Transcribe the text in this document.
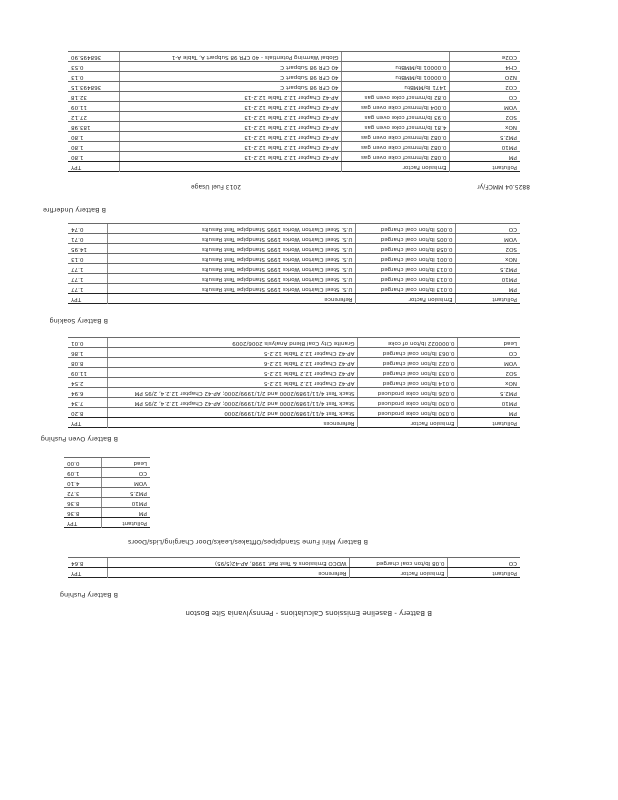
B Battery - Baseline Emissions Calculations - Pennsylvania Site Boston
B Battery Pushing
Pollutant	Emission Factor	Reference	TPY
CO	0.08 lb/ton coal charged	WDCO Emissions & Test Ref. 1998, AP-42(5/95)	8.64
B Battery Mini Fume Standpipes/Offtakes/Leaks/Door Charging/Lids/Doors
Pollutant	TPY
PM	8.36
PM10	8.36
PM2.5	3.72
VOM	4.10
CO	1.09
Lead	0.00
B Battery Oven Pushing
Pollutant	Emission Factor	References	TPY
PM	0.030 lb/ton coke produced	Stack Test 4/11/1989/2000 and 2/1/1999/2000	8.20
PM10	0.030 lb/ton coke produced	Stack Test 4/11/1989/2000 and 2/1/1999/2000; AP-42 Chapter 12.2.4, 2/95 PM	7.34
PM2.5	0.026 lb/ton coke produced	Stack Test 4/11/1989/2000 and 2/1/1999/2000; AP-42 Chapter 12.2.4, 2/95 PM	6.94
NOx	0.014 lb/ton coal charged	AP-42 Chapter 12.2 Table 12.2-5	2.54
SO2	0.033 lb/ton coal charged	AP-42 Chapter 12.2 Table 12.2-5	11.09
VOM	0.022 lb/ton coal charged	AP-42 Chapter 12.2 Table 12.2-6	8.08
CO	0.063 lb/ton coal charged	AP-42 Chapter 12.2 Table 12.2-5	1.86
Lead	0.000022 lb/ton of coke	Granite City Coal Blend Analysis 2006/2009	0.01
B Battery Soaking
Pollutant	Emission Factor	Reference	TPY
PM	0.013 lb/ton coal charged	U.S. Steel Clairton Works 1995 Standpipe Test Results	1.77
PM10	0.013 lb/ton coal charged	U.S. Steel Clairton Works 1995 Standpipe Test Results	1.77
PM2.5	0.013 lb/ton coal charged	U.S. Steel Clairton Works 1995 Standpipe Test Results	1.77
NOx	0.001 lb/ton coal charged	U.S. Steel Clairton Works 1995 Standpipe Test Results	0.13
SO2	0.058 lb/ton coal charged	U.S. Steel Clairton Works 1995 Standpipe Test Results	14.95
VOM	0.005 lb/ton coal charged	U.S. Steel Clairton Works 1995 Standpipe Test Results	0.71
CO	0.005 lb/ton coal charged	U.S. Steel Clairton Works 1995 Standpipe Test Results	0.74
B Battery Underfire
2013 Fuel Usage	8825.04 MMCF/yr
Pollutant	Emission Factor		TPY
PM	0.082 lb/mmscf coke oven gas	AP-42 Chapter 12.2 Table 12.2-13	1.80
PM10	0.082 lb/mmscf coke oven gas	AP-42 Chapter 12.2 Table 12.2-13	1.80
PM2.5	0.082 lb/mmscf coke oven gas	AP-42 Chapter 12.2 Table 12.2-13	1.80
NOx	4.81 lb/mmscf coke oven gas	AP-42 Chapter 12.2 Table 12.2-13	183.98
SO2	0.93 lb/mmscf coke oven gas	AP-42 Chapter 12.2 Table 12.2-13	27.12
VOM	0.004 lb/mmscf coke oven gas	AP-42 Chapter 12.2 Table 12.2-13	11.09
CO	0.82 lb/mmscf coke oven gas	AP-42 Chapter 12.2 Table 12.2-13	32.18
CO2	1471 lb/MMBtu	40 CFR 98 Subpart C	368493.15
N2O	0.00001 lb/MMBtu	40 CFR 98 Subpart C	0.13
CH4	0.00001 lb/MMBtu	40 CFR 98 Subpart C	0.53
CO2e		Global Warming Potentials - 40 CFR 98 Subpart A, Table A-1	368495.90
